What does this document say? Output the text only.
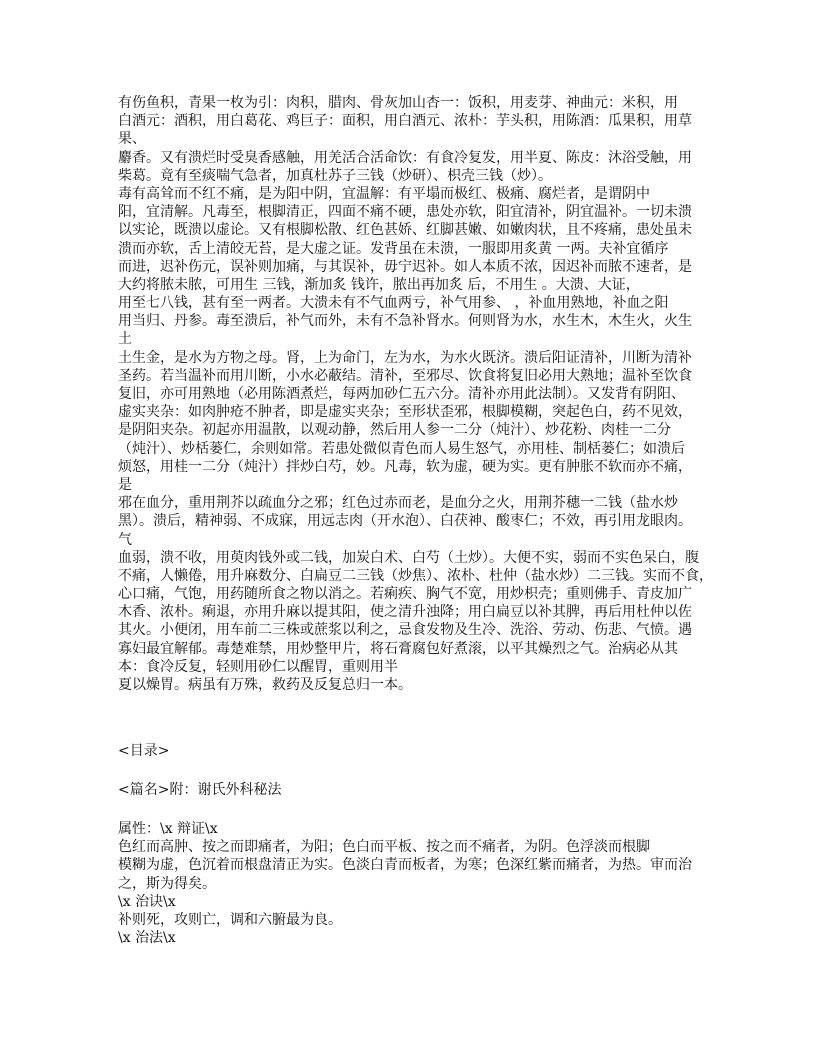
有伤鱼积，青果一枚为引：肉积，腊肉、骨灰加山杏一：饭积，用麦芽、神曲元：米积，用
白酒元：酒积，用白葛花、鸡巨子：面积，用白酒元、浓朴：芋头积，用陈酒：瓜果积，用草
果、
麝香。又有溃烂时受臭香感触，用羌活合活命饮：有食冷复发，用半夏、陈皮：沐浴受触，用
柴葛。竟有至痰喘气急者，加真杜苏子三钱（炒研）、枳壳三钱（炒）。
毒有高耸而不红不痛，是为阳中阴，宜温解：有平塌而极红、极痛、腐烂者，是谓阴中
阳，宜清解。凡毒至，根脚清正，四面不痛不硬，患处亦软，阳宜清补，阴宜温补。一切未溃
以实论，既溃以虚论。又有根脚松散、红色甚娇、红脚甚嫩、如嫩肉状，且不疼痛，患处虽未
溃而亦软，舌上清皎无苔，是大虚之证。发背虽在未溃，一服即用炙黄 一两。夫补宜循序
而进，迟补伤元，误补则加痛，与其误补，毋宁迟补。如人本质不浓，因迟补而脓不速者，是
大约将脓未脓，可用生 三钱，渐加炙 钱许，脓出再加炙 后，不用生 。大溃、大证，
用至七八钱，甚有至一两者。大溃未有不气血两亏，补气用参、 ，补血用熟地，补血之阳
用当归、丹参。毒至溃后，补气而外，未有不急补肾水。何则肾为水，水生木，木生火，火生
土
土生金，是水为方物之母。肾，上为命门，左为水，为水火既济。溃后阳证清补，川断为清补
圣药。若当温补而用川断，小水必蔽结。清补，至邪尽、饮食将复旧必用大熟地；温补至饮食
复旧，亦可用熟地（必用陈酒煮烂，每两加砂仁五六分。清补亦用此法制）。又发背有阴阳、
虚实夹杂：如肉肿疮不肿者，即是虚实夹杂；至形状歪邪，根脚模糊，突起色白，药不见效，
是阴阳夹杂。初起亦用温散，以观动静，然后用人参一二分（炖汁）、炒花粉、肉桂一二分
（炖汁）、炒栝蒌仁，余则如常。若患处微似青色而人易生怒气，亦用桂、制栝蒌仁；如溃后
烦怒，用桂一二分（炖汁）拌炒白芍，妙。凡毒，软为虚，硬为实。更有肿胀不软而亦不痛，
是
邪在血分，重用荆芥以疏血分之邪；红色过赤而老，是血分之火，用荆芥穗一二钱（盐水炒
黑）。溃后，精神弱、不成寐，用远志肉（开水泡）、白茯神、酸枣仁；不效，再引用龙眼肉。
气
血弱，溃不收，用萸肉钱外或二钱，加炭白术、白芍（土炒）。大便不实，弱而不实色呆白，腹
不痛，人懒倦，用升麻数分、白扁豆二三钱（炒焦）、浓朴、杜仲（盐水炒）二三钱。实而不食，
心口痛，气饱，用药随所食之物以消之。若痢疾、胸气不宽，用炒枳壳；重则佛手、青皮加广
木香、浓朴。痢退，亦用升麻以提其阳，使之清升浊降；用白扁豆以补其脾，再后用杜仲以佐
其火。小便闭，用车前二三株或蔗浆以利之，忌食发物及生冷、洗浴、劳动、伤悲、气愤。遇
寡妇最宜解郁。毒楚难禁，用炒整甲片，将石膏腐包好煮滚，以平其燥烈之气。治病必从其
本：食冷反复，轻则用砂仁以醒胃，重则用半
夏以燥胃。病虽有万殊，救药及反复总归一本。
<目录>
<篇名>附：谢氏外科秘法
属性：\x 辩证\x
色红而高肿、按之而即痛者，为阳；色白而平板、按之而不痛者，为阴。色浮淡而根脚
模糊为虚，色沉着而根盘清正为实。色淡白青而板者，为寒；色深红紫而痛者，为热。审而治
之，斯为得矣。
\x 治诀\x
补则死，攻则亡，调和六腑最为良。
\x 治法\x
